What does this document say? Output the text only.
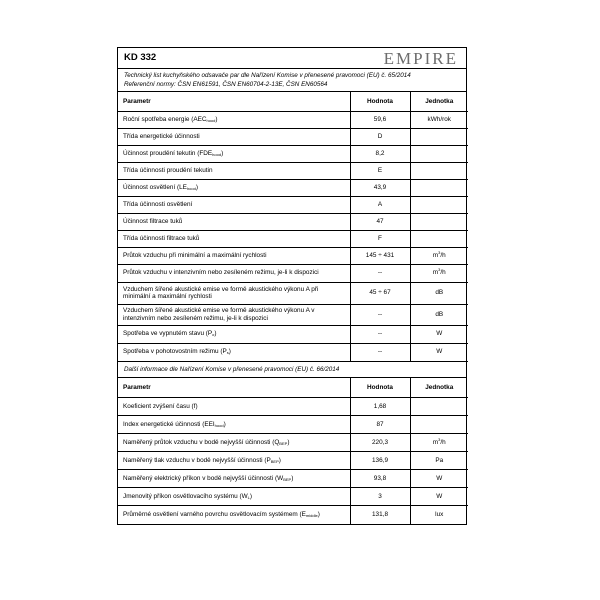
KD 332	EMPIRE
Technický list kuchyňského odsavače par dle Nařízení Komise v přenesené pravomoci (EU) č. 65/2014
Referenční normy: ČSN EN61591, ČSN EN60704-2-13E, ČSN EN60564
Parametr	Hodnota	Jednotka
Roční spotřeba energie $(AEC_{hood})$	59,6	kWh/rok
Třída energetické účinnosti	D	
Účinnost proudění tekutin $(FDE_{hood})$	8,2	
Třída účinnosti proudění tekutin	E	
Účinnost osvětlení $(LE_{hood})$	43,9	
Třída účinnosti osvětlení	A	
Účinnost filtrace tuků	47	
Třída účinnosti filtrace tuků	F	
Průtok vzduchu při minimální a maximální rychlosti	145 ÷ 431	$m^3/h$
Průtok vzduchu v intenzivním nebo zesíleném režimu, je-li k dispozici	--	$m^3/h$
Vzduchem šířené akustické emise ve formě akustického výkonu A při minimální a maximální rychlosti	45 ÷ 67	dB
Vzduchem šířené akustické emise ve formě akustického výkonu A v intenzivním nebo zesíleném režimu, je-li k dispozici	--	dB
Spotřeba ve vypnutém stavu $(P_o)$	--	W
Spotřeba v pohotovostním režimu $(P_s)$	--	W
Další informace dle Nařízení Komise v přenesené pravomoci (EU) č. 66/2014
Parametr	Hodnota	Jednotka
Koeficient zvýšení času (f)	1,68	
Index energetické účinnosti $(EEI_{hood})$	87	
Naměřený průtok vzduchu v bodě nejvyšší účinnosti $(Q_{BEP})$	220,3	$m^3/h$
Naměřený tlak vzduchu v bodě nejvyšší účinnosti $(P_{BEP})$	136,9	Pa
Naměřený elektrický příkon v bodě nejvyšší účinnosti $(W_{BEP})$	93,8	W
Jmenovitý příkon osvětlovacího systému $(W_L)$	3	W
Průměrné osvětlení varného povrchu osvětlovacím systémem $(E_{middle})$	131,8	lux
